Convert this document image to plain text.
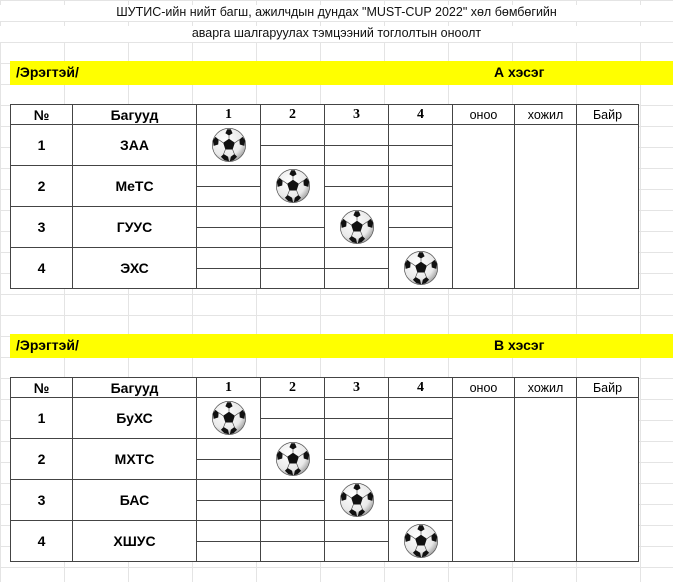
ШУТИС-ийн нийт багш, ажилчдын дундах "MUST-CUP 2022" хөл бөмбөгийн
аварга шалгаруулах тэмцээний тоглолтын оноолт
/Эрэгтэй/	А хэсэг
№	Багууд	1	2	3	4	оноо	хожил	Байр
1	ЗАА		

2	МеТС	

3	ГУУС	

4	ЭХС	

/Эрэгтэй/	В хэсэг
№	Багууд	1	2	3	4	оноо	хожил	Байр
1	БуХС		

2	МХТС	

3	БАС	

4	ХШУС	
